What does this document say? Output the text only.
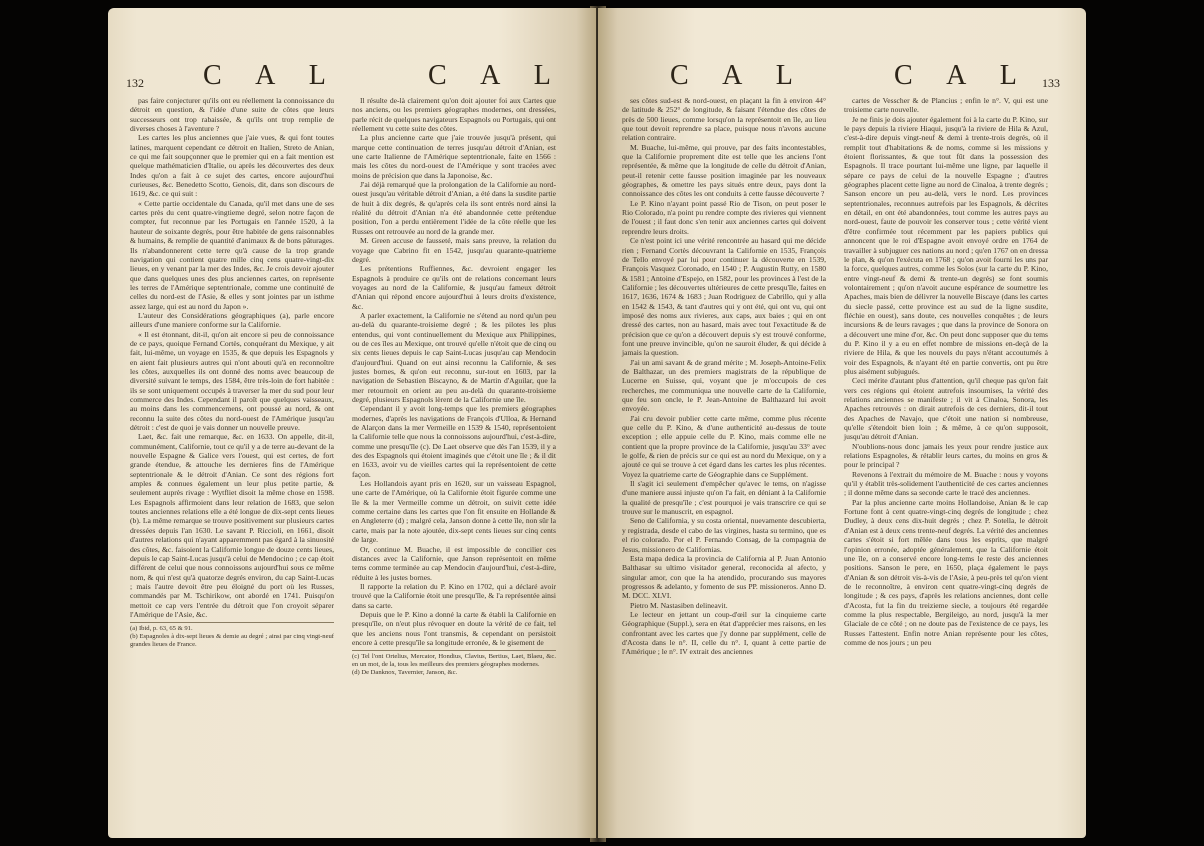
132 C A L	C A L

pas faire conjecturer qu'ils ont eu réellement la connoissance du détroit en question, & l'idée d'une suite de côtes que leurs successeurs ont trop rabaissée, & qu'ils ont trop remplie de diverses choses à l'aventure ?

Les cartes les plus anciennes que j'aie vues, & qui font toutes latines, marquent cependant ce détroit en Italien, Streto de Anian, ce qui me fait soupçonner que le premier qui en a fait mention est quelque mathématicien d'Italie, ou après les découvertes des deux Indes qu'on a fait à ce sujet des cartes, encore aujourd'hui curieuses, &c. Benedetto Scotto, Genois, dit, dans son discours de 1619, &c. ce qui suit :

« Cette partie occidentale du Canada, qu'il met dans une de ses cartes près du cent quatre-vingtieme degré, selon notre façon de compter, fut reconnue par les Portugais en l'année 1520, à la hauteur de soixante degrés, pour être habitée de gens raisonnables & humains, & remplie de quantité d'animaux & de bons pâturages. Ils n'abandonnerent cette terre qu'à cause de la trop grande navigation qui contient quatre mille cinq cens quatre-vingt-dix lieues, en y venant par la mer des Indes, &c. Je crois devoir ajouter que dans quelques unes des plus anciennes cartes, on représente les terres de l'Amérique septentrionale, comme une continuité de celles du nord-est de l'Asie, & elles y sont jointes par un isthme assez large, qui est au nord du Japon ».

L'auteur des Considérations géographiques (a), parle encore ailleurs d'une maniere conforme sur la Californie.

« Il est étonnant, dit-il, qu'on ait encore si peu de connoissance de ce pays, quoique Fernand Cortès, conquérant du Mexique, y ait fait, lui-même, un voyage en 1535, & que depuis les Espagnols y en aient fait plusieurs autres qui n'ont abouti qu'à en reconnoître les côtes, auxquelles ils ont donné des noms avec beaucoup de diversité suivant le temps, des 1584, être très-loin de fort habitée : ils se sont uniquement occupés à traverser la mer du sud pour leur commerce des Indes. Cependant il paroît que quelques vaisseaux, au moins dans les commencemens, ont poussé au nord, & ont reconnu la suite des côtes du nord-ouest de l'Amérique jusqu'au détroit : c'est de quoi je vais donner un nouvelle preuve.

Laet, &c. fait une remarque, &c. en 1633. On appelle, dit-il, communément, Californie, tout ce qu'il y a de terre au-devant de la nouvelle Espagne & Galice vers l'ouest, qui est certes, de fort grande étendue, & attouche les dernieres fins de l'Amérique septentrionale & le détroit d'Anian. Ce sont des régions fort amples & connues également un leur plus petite partie, & seulement auprès rivage : Wytfliet disoit la même chose en 1598. Les Espagnols affirmoient dans leur relation de 1683, que selon toutes anciennes relations elle a été longue de dix-sept cents lieues (b). La même remarque se trouve positivement sur plusieurs cartes dressées depuis l'an 1630. Le savant P. Riccioli, en 1661, disoit d'autres relations qui n'ayant apparemment pas égard à la sinuosité des côtes, &c. faisoient la Californie longue de douze cents lieues, depuis le cap Saint-Lucas jusqu'à celui de Mendocino ; ce cap étoit différent de celui que nous connoissons aujourd'hui sous ce même nom, & qui n'est qu'à quatorze degrés environ, du cap Saint-Lucas ; mais l'autre devoit être peu éloigné du port où les Russes, commandés par M. Tschirikow, ont abordé en 1741. Puisqu'on mettoit ce cap vers l'entrée du détroit que l'on croyoit séparer l'Amérique de l'Asie, &c.

(a) Ibid, p. 63, 65 & 91.

(b) Espagnoles à dix-sept lieues & demie au degré ; ainsi par cinq vingt-neuf grandes lieues de France.

Il résulte de-là clairement qu'on doit ajouter foi aux Cartes que nos anciens, ou les premiers géographes modernes, ont dressées, parle récit de quelques navigateurs Espagnols ou Portugais, qui ont réellement vu cette suite des côtes.

La plus ancienne carte que j'aie trouvée jusqu'à présent, qui marque cette continuation de terres jusqu'au détroit d'Anian, est une carte Italienne de l'Amérique septentrionale, faite en 1566 : mais les côtes du nord-ouest de l'Amérique y sont tracées avec moins de précision que dans la Japonoise, &c.

J'ai déjà remarqué que la prolongation de la Californie au nord-ouest jusqu'au véritable détroit d'Anian, a été dans la susdite partie de huit à dix degrés, & qu'après cela ils sont entrés nord ainsi la réalité du détroit d'Anian n'a été abandonnée cette prétendue position, l'on a perdu entièrement l'idée de la côte réelle que les Russes ont retrouvée au nord de la grande mer.

M. Green accuse de fausseté, mais sans preuve, la relation du voyage que Cabrino fit en 1542, jusqu'au quarante-quatrieme degré.

Les prétentions Ruffiennes, &c. devroient engager les Espagnols à produire ce qu'ils ont de relations concernant leurs voyages au nord de la Californie, & jusqu'au fameux détroit d'Anian qui répond encore aujourd'hui à leurs droits d'existence, &c.

A parler exactement, la Californie ne s'étend au nord qu'un peu au-delà du quarante-troisieme degré ; & les pilotes les plus entendus, qui vont continuellement du Mexique aux Philippines, ou de ces îles au Mexique, ont trouvé qu'elle n'étoit que de cinq ou six cents lieues depuis le cap Saint-Lucas jusqu'au cap Mendocin d'aujourd'hui. Quand on eut ainsi reconnu la Californie, & ses justes bornes, & qu'on eut reconnu, sur-tout en 1603, par la navigation de Sebastien Biscayno, & de Martin d'Aguilar, que la mer retournoit en orient au peu au-delà du quarante-troisieme degré, plusieurs Espagnols lèrent de la Californie une île.

Cependant il y avoit long-temps que les premiers géographes modernes, d'après les navigations de François d'Ulloa, & Hernand de Alarçon dans la mer Vermeille en 1539 & 1540, représentoient la Californie telle que nous la connoissons aujourd'hui, c'est-à-dire, comme une presqu'île (c). De Laet observe que dès l'an 1539, il y a des des Espagnols qui étoient imaginés que c'étoit une île ; & il dit en 1633, avoir vu de vieilles cartes qui la représentoient de cette façon.

Les Hollandois ayant pris en 1620, sur un vaisseau Espagnol, une carte de l'Amérique, où la Californie étoit figurée comme une île & la mer Vermeille comme un détroit, on suivit cette idée comme certaine dans les cartes que l'on fit ensuite en Hollande & en Angleterre (d) ; malgré cela, Janson donne à cette île, non sûr la carte, mais par la note ajoutée, dix-sept cents lieues sur cinq cents de large.

Or, continue M. Buache, il est impossible de concilier ces distances avec la Californie, que Janson représentoit en même tems comme terminée au cap Mendocin d'aujourd'hui, c'est-à-dire, réduite à les justes bornes.

Il rapporte la relation du P. Kino en 1702, qui a déclaré avoir trouvé que la Californie étoit une presqu'île, & l'a représentée ainsi dans sa carte.

Depuis que le P. Kino a donné la carte & établi la Californie en presqu'île, on n'eut plus révoquer en doute la vérité de ce fait, tel que les anciens nous l'ont transmis, & cependant on persistoit encore à cette presqu'île sa longitude erronée, & le gisement de

(c) Tel l'ont Ortelius, Mercator, Hondius, Clavius, Bertius, Laet, Blaeu, &c. en un mot, de la, tous les meilleurs des premiers géographes modernes.

(d) De Danknox, Tavernier, Janson, &c.

C A L	C A L 133

ses côtes sud-est & nord-ouest, en plaçant la fin à environ 44° de latitude & 252° de longitude, & faisant l'étendue des côtes de près de 500 lieues, comme lorsqu'on la représentoit en île, au lieu que tout devoit reprendre sa place, puisque nous n'avons aucune relation contraire.

M. Buache, lui-même, qui prouve, par des faits incontestables, que la Californie proprement dite est telle que les anciens l'ont représentée, & même que la longitude de celle du détroit d'Anian, peut-il retenir cette fausse position imaginée par les nouveaux géographes, & omettre les pays situés entre deux, pays dont la connoissance des côtes les ont conduits à cette fausse découverte ?

Le P. Kino n'ayant point passé Rio de Tison, on peut poser le Rio Colorado, n'a point pu rendre compte des rivieres qui viennent de l'ouest ; il faut donc s'en tenir aux anciennes cartes qui doivent reprendre leurs droits.

Ce n'est point ici une vérité rencontrée au hasard qui me décide rien ; Fernand Cortès découvrant la Californie en 1535, François de Tello envoyé par lui pour continuer la découverte en 1539, François Vasquez Coronado, en 1540 ; P. Augustin Rutty, en 1580 & 1581 ; Antoine d'Espejo, en 1582, pour les provinces à l'est de la Californie ; les découvertes ultérieures de cette presqu'île, faites en 1617, 1636, 1674 & 1683 ; Juan Rodriguez de Cabrillo, qui y alla en 1542 & 1543, & tant d'autres qui y ont été, qui ont vu, qui ont imposé des noms aux rivieres, aux caps, aux baies ; qui en ont dressé des cartes, non au hasard, mais avec tout l'exactitude & de précision que ce qu'on a découvert depuis s'y est trouvé conforme, font une preuve invincible, qu'on ne sauroit éluder, & qui décide à jamais la question.

J'ai un ami savant & de grand mérite ; M. Joseph-Antoine-Felix de Balthazar, un des premiers magistrats de la république de Lucerne en Suisse, qui, voyant que je m'occupois de ces recherches, me communiqua une nouvelle carte de la Californie, que feu son oncle, le P. Jean-Antoine de Balthazard lui avoit envoyée.

J'ai cru devoir publier cette carte même, comme plus récente que celle du P. Kino, & d'une authenticité au-dessus de toute exception ; elle appuie celle du P. Kino, mais comme elle ne contient que la propre province de la Californie, jusqu'au 33° avec le golfe, & rien de précis sur ce qui est au nord du Mexique, on y a ajouté ce qui se trouve à cet égard dans les cartes les plus récentes. Voyez la quatrieme carte de Géographie dans ce Supplément.

Il s'agit ici seulement d'empêcher qu'avec le tems, on n'agisse d'une maniere aussi injuste qu'on l'a fait, en déniant à la Californie la qualité de presqu'île ; c'est pourquoi je vais transcrire ce qui se trouve sur le manuscrit, en espagnol.

Seno de California, y su costa oriental, nuevamente descubierta, y registrada, desde el cabo de las virgines, hasta su termino, que es el rio colorado. Por el P. Fernando Consag, de la compagnia de Jesus, missionero de Californias.

Esta mapa dedica la provincia de California al P. Juan Antonio Balthasar su ultimo visitador general, reconocida al afecto, y singular amor, con que la ha atendido, procurando sus mayores progressos & adelanto, y fomento de sus PP. missioneros. Anno D. M. DCC. XLVI.

Pietro M. Nastasiben delineavit.

Le lecteur en jettant un coup-d'œil sur la cinquieme carte Géographique (Suppl.), sera en état d'apprécier mes raisons, en les confrontant avec les cartes que j'y donne par supplément, celle de d'Acosta dans le n°. II, celle du n°. I, quant à cette partie de l'Amérique ; le n°. IV extrait des anciennes

cartes de Vesscher & de Plancius ; enfin le n°. V, qui est une troisieme carte nouvelle.

Je ne finis je dois ajouter également foi à la carte du P. Kino, sur le pays depuis la riviere Hiaqui, jusqu'à la riviere de Hila & Azul, c'est-à-dire depuis vingt-neuf & demi à trente-trois degrés, où il remplit tout d'habitations & de noms, comme si les missions y étoient florissantes, & que tout fût dans la possession des Espagnols. Il trace pourtant lui-même une ligne, par laquelle il sépare ce pays de celui de la nouvelle Espagne ; d'autres géographes placent cette ligne au nord de Cinaloa, à trente degrés ; Sanson encore un peu au-delà, vers le nord. Les provinces septentrionales, reconnues autrefois par les Espagnols, & décrites en détail, en ont été abandonnées, tout comme les autres pays au nord-ouest, faute de pouvoir les conserver tous ; cette vérité vient d'être confirmée tout récemment par les papiers publics qui annoncent que le roi d'Espagne avoit envoyé ordre en 1764 de travailler à subjuguer ces nations au nord ; qu'en 1767 on en dressa le plan, & qu'on l'exécuta en 1768 ; qu'on avoit fourni les uns par la force, quelques autres, comme les Solos (sur la carte du P. Kino, entre vingt-neuf & demi & trente-un degrés) se font soumis volontairement ; qu'on n'avoit aucune espérance de soumettre les Apaches, mais bien de délivrer la nouvelle Biscaye (dans les cartes du siecle passé, cette province est au sud de la ligne susdite, fléchie en ouest), sans doute, ces nouvelles conquêtes ; de leurs incursions & de leurs ravages ; que dans la province de Sonora on a découvert une mine d'or, &c. On peut donc supposer que du tems du P. Kino il y a eu en effet nombre de missions en-deçà de la riviere de Hila, & que les nouvels du pays n'étant accoutumés à voir des Espagnols, & n'ayant été en partie convertis, ont pu être plus aisément subjugués.

Ceci mérite d'autant plus d'attention, qu'il cheque pas qu'on fait vers ces régions qui étoient autrefois insoumises, la vérité des relations anciennes se manifeste ; il vit à Cinaloa, Sonora, les Apaches retrouvés : on dirait autrefois de ces derniers, dit-il tout des Apaches de Navajo, que c'étoit une nation si nombreuse, qu'elle s'étendoit bien loin ; & même, à ce qu'on supposoit, jusqu'au détroit d'Anian.

N'oublions-nous donc jamais les yeux pour rendre justice aux relations Espagnoles, & rétablir leurs cartes, du moins en gros & pour le principal ?

Revenons à l'extrait du mémoire de M. Buache : nous y voyons qu'il y établit très-solidement l'authenticité de ces cartes anciennes ; il donne même dans sa seconde carte le tracé des anciennes.

Par la plus ancienne carte moins Hollandoise, Anian & le cap Fortune font à cent quatre-vingt-cinq degrés de longitude ; chez Dudley, à deux cens dix-huit degrés ; chez P. Sotella, le détroit d'Anian est à deux cens trente-neuf degrés. La vérité des anciennes cartes s'étoit si fort mêlée dans tous les esprits, que malgré l'opinion erronée, adoptée généralement, que la Californie étoit une île, on a conservé encore long-tems le reste des anciennes positions. Sanson le pere, en 1650, plaça également le pays d'Anian & son détroit vis-à-vis de l'Asie, à peu-près tel qu'on vient de le reconnoître, à environ cent quatre-vingt-cinq degrés de longitude ; & ces pays, d'après les relations anciennes, dont celle d'Acosta, fut la fin du treizieme siecle, a toujours été regardée comme la plus respectable, Bergileigo, au nord, jusqu'à la mer Glaciale de ce côté ; on ne doute pas de l'existence de ce pays, les Russes l'attestent. Enfin notre Anian représente pour les côtes, comme de nos jours ; un peu
